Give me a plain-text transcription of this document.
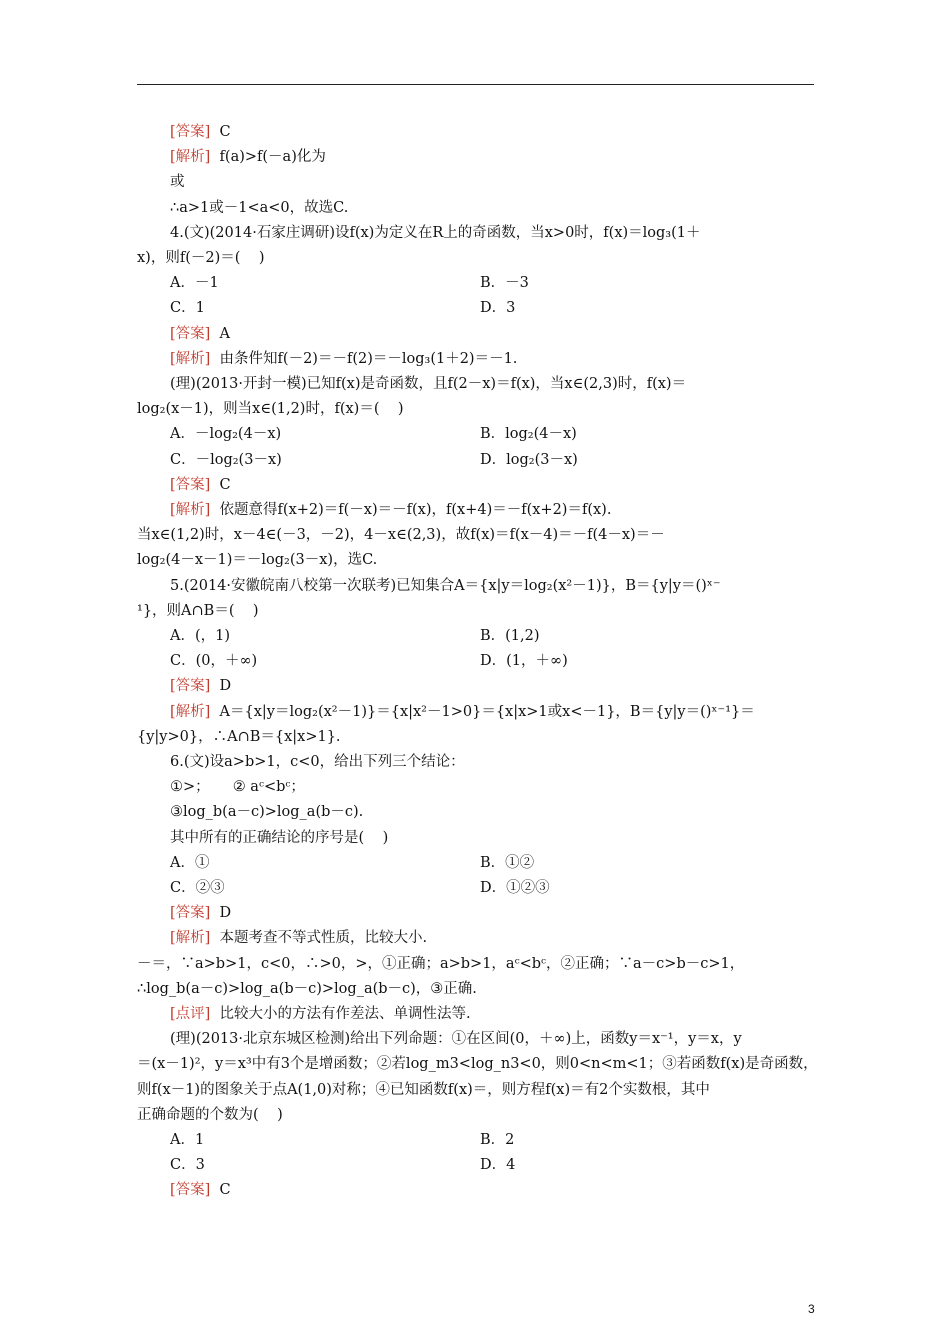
[答案]  C
[解析]  f(a)>f(－a)化为
或
∴a>1或－1<a<0，故选C.
4.(文)(2014·石家庄调研)设f(x)为定义在R上的奇函数，当x>0时，f(x)＝log₃(1＋
x)，则f(－2)＝(    )
A．－1	B．－3
C．1	D．3
[答案]  A
[解析]  由条件知f(－2)＝－f(2)＝－log₃(1＋2)＝－1.
(理)(2013·开封一模)已知f(x)是奇函数，且f(2－x)＝f(x)，当x∈(2,3)时，f(x)＝
log₂(x－1)，则当x∈(1,2)时，f(x)＝(    )
A．－log₂(4－x)	B．log₂(4－x)
C．－log₂(3－x)	D．log₂(3－x)
[答案]  C
[解析]  依题意得f(x+2)＝f(－x)＝－f(x)，f(x+4)＝－f(x+2)＝f(x).
当x∈(1,2)时，x－4∈(－3，－2)，4－x∈(2,3)，故f(x)＝f(x－4)＝－f(4－x)＝－
log₂(4－x－1)＝－log₂(3－x)，选C.
5.(2014·安徽皖南八校第一次联考)已知集合A＝{x|y＝log₂(x²－1)}，B＝{y|y＝()ˣ⁻
¹}，则A∩B＝(    )
A．(，1)	B．(1,2)
C．(0，＋∞)	D．(1，＋∞)
[答案]  D
[解析]  A＝{x|y＝log₂(x²－1)}＝{x|x²－1>0}＝{x|x>1或x<－1}，B＝{y|y＝()ˣ⁻¹}＝
{y|y>0}，∴A∩B＝{x|x>1}.
6.(文)设a>b>1，c<0，给出下列三个结论：
①>；     ② aᶜ<bᶜ；
③log_b(a－c)>log_a(b－c).
其中所有的正确结论的序号是(    )
A．①	B．①②
C．②③	D．①②③
[答案]  D
[解析]  本题考查不等式性质，比较大小.
－＝，∵a>b>1，c<0，∴>0，>，①正确；a>b>1，aᶜ<bᶜ，②正确；∵a－c>b－c>1，
∴log_b(a－c)>log_a(b－c)>log_a(b－c)，③正确.
[点评]  比较大小的方法有作差法、单调性法等.
(理)(2013·北京东城区检测)给出下列命题：①在区间(0，＋∞)上，函数y＝x⁻¹，y＝x，y
＝(x－1)²，y＝x³中有3个是增函数；②若log_m3<log_n3<0，则0<n<m<1；③若函数f(x)是奇函数，
则f(x－1)的图象关于点A(1,0)对称；④已知函数f(x)＝，则方程f(x)＝有2个实数根，其中
正确命题的个数为(    )
A．1	B．2
C．3	D．4
[答案]  C
3
